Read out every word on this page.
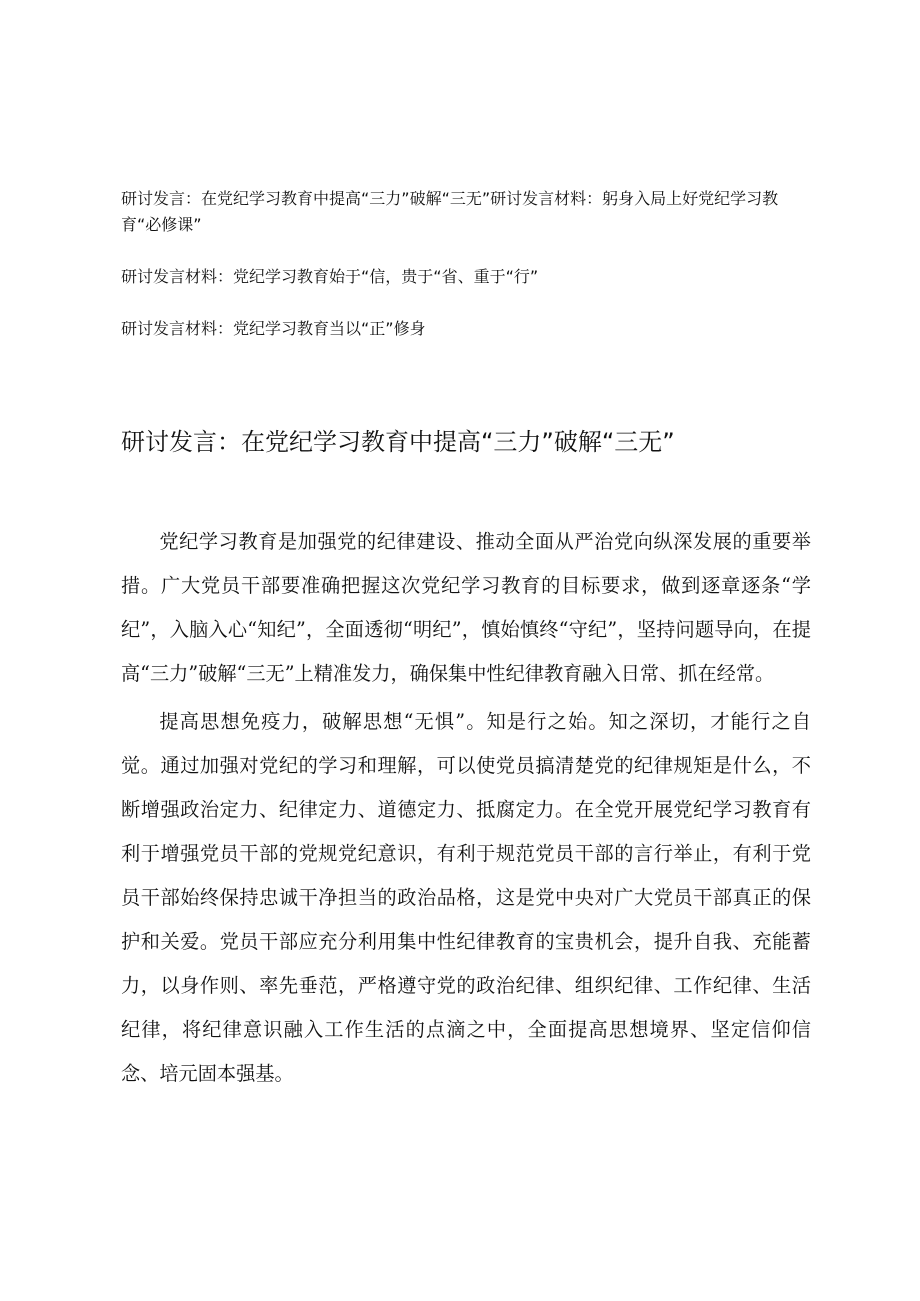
研讨发言：在党纪学习教育中提高“三力”破解“三无”研讨发言材料：躬身入局上好党纪学习教育“必修课”
研讨发言材料：党纪学习教育始于“信，贵于“省、重于“行”
研讨发言材料：党纪学习教育当以“正”修身
研讨发言：在党纪学习教育中提高“三力”破解“三无”

党纪学习教育是加强党的纪律建设、推动全面从严治党向纵深发展的重要举措。广大党员干部要准确把握这次党纪学习教育的目标要求，做到逐章逐条“学纪”，入脑入心“知纪”，全面透彻“明纪”，慎始慎终“守纪”，坚持问题导向，在提高“三力”破解“三无”上精准发力，确保集中性纪律教育融入日常、抓在经常。

提高思想免疫力，破解思想“无惧”。知是行之始。知之深切，才能行之自觉。通过加强对党纪的学习和理解，可以使党员搞清楚党的纪律规矩是什么，不断增强政治定力、纪律定力、道德定力、抵腐定力。在全党开展党纪学习教育有利于增强党员干部的党规党纪意识，有利于规范党员干部的言行举止，有利于党员干部始终保持忠诚干净担当的政治品格，这是党中央对广大党员干部真正的保护和关爱。党员干部应充分利用集中性纪律教育的宝贵机会，提升自我、充能蓄力，以身作则、率先垂范，严格遵守党的政治纪律、组织纪律、工作纪律、生活纪律，将纪律意识融入工作生活的点滴之中，全面提高思想境界、坚定信仰信念、培元固本强基。
